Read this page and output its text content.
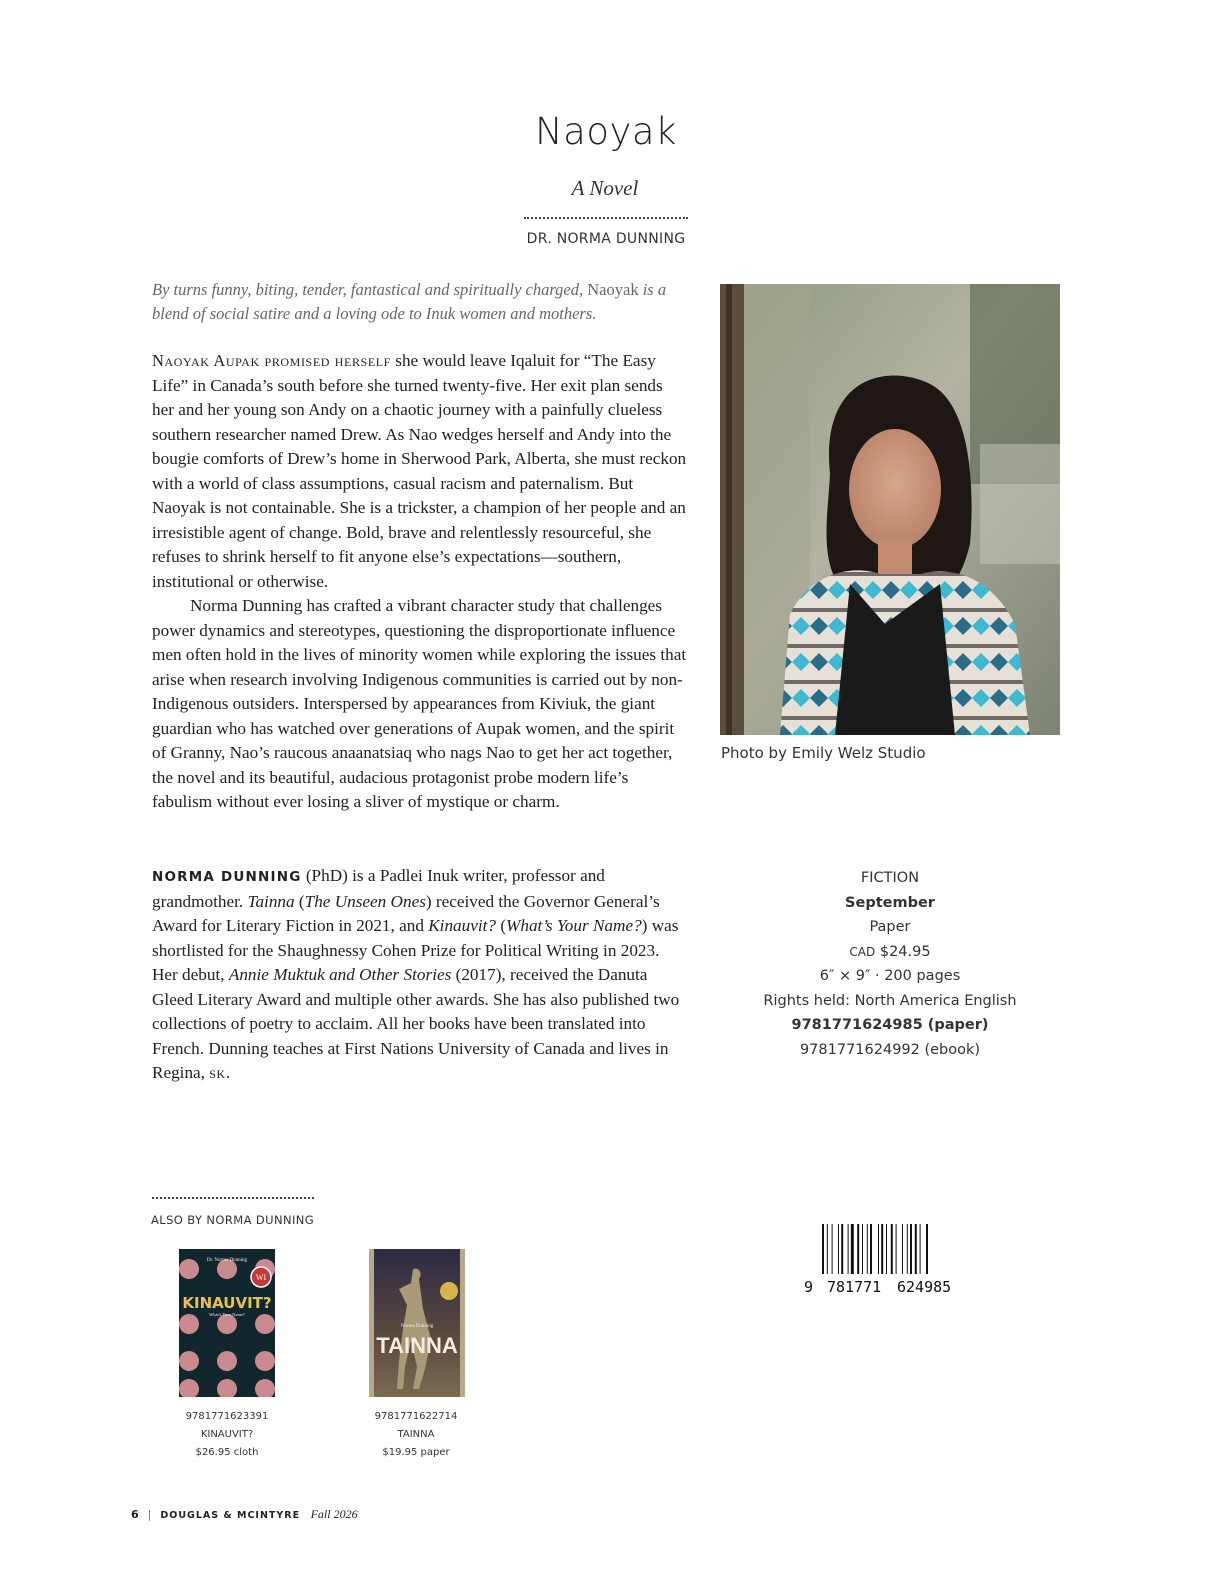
Naoyak
A Novel
DR. NORMA DUNNING
By turns funny, biting, tender, fantastical and spiritually charged, Naoyak is a blend of social satire and a loving ode to Inuk women and mothers.

Naoyak Aupak promised herself she would leave Iqaluit for “The Easy Life” in Canada’s south before she turned twenty-five. Her exit plan sends her and her young son Andy on a chaotic journey with a painfully clueless southern researcher named Drew. As Nao wedges herself and Andy into the bougie comforts of Drew’s home in Sherwood Park, Alberta, she must reckon with a world of class assumptions, casual racism and paternalism. But Naoyak is not containable. She is a trickster, a champion of her people and an irresistible agent of change. Bold, brave and relentlessly resourceful, she refuses to shrink herself to fit anyone else’s expectations—southern, institutional or otherwise.

Norma Dunning has crafted a vibrant character study that challenges power dynamics and stereotypes, questioning the disproportionate influence men often hold in the lives of minority women while exploring the issues that arise when research involving Indigenous communities is carried out by non-Indigenous outsiders. Interspersed by appearances from Kiviuk, the giant guardian who has watched over generations of Aupak women, and the spirit of Granny, Nao’s raucous anaanatsiaq who nags Nao to get her act together, the novel and its beautiful, audacious protagonist probe modern life’s fabulism without ever losing a sliver of mystique or charm.

NORMA DUNNING (PhD) is a Padlei Inuk writer, professor and grandmother. Tainna (The Unseen Ones) received the Governor General’s Award for Literary Fiction in 2021, and Kinauvit? (What’s Your Name?) was shortlisted for the Shaughnessy Cohen Prize for Political Writing in 2023. Her debut, Annie Muktuk and Other Stories (2017), received the Danuta Gleed Literary Award and multiple other awards. She has also published two collections of poetry to acclaim. All her books have been translated into French. Dunning teaches at First Nations University of Canada and lives in Regina, sk.
Photo by Emily Welz Studio
FICTION
September
Paper
CAD $24.95
6″ × 9″ · 200 pages
Rights held: North America English
9781771624985 (paper)
9781771624992 (ebook)
ALSO BY NORMA DUNNING
WI
Dr. Norma Dunning
KINAUVIT?
What's Your Name?
9781771623391
KINAUVIT?
$26.95 cloth
Norma Dunning
TAINNA
9781771622714
TAINNA
$19.95 paper
9 781771 624985
6 | DOUGLAS & MCINTYRE Fall 2026
